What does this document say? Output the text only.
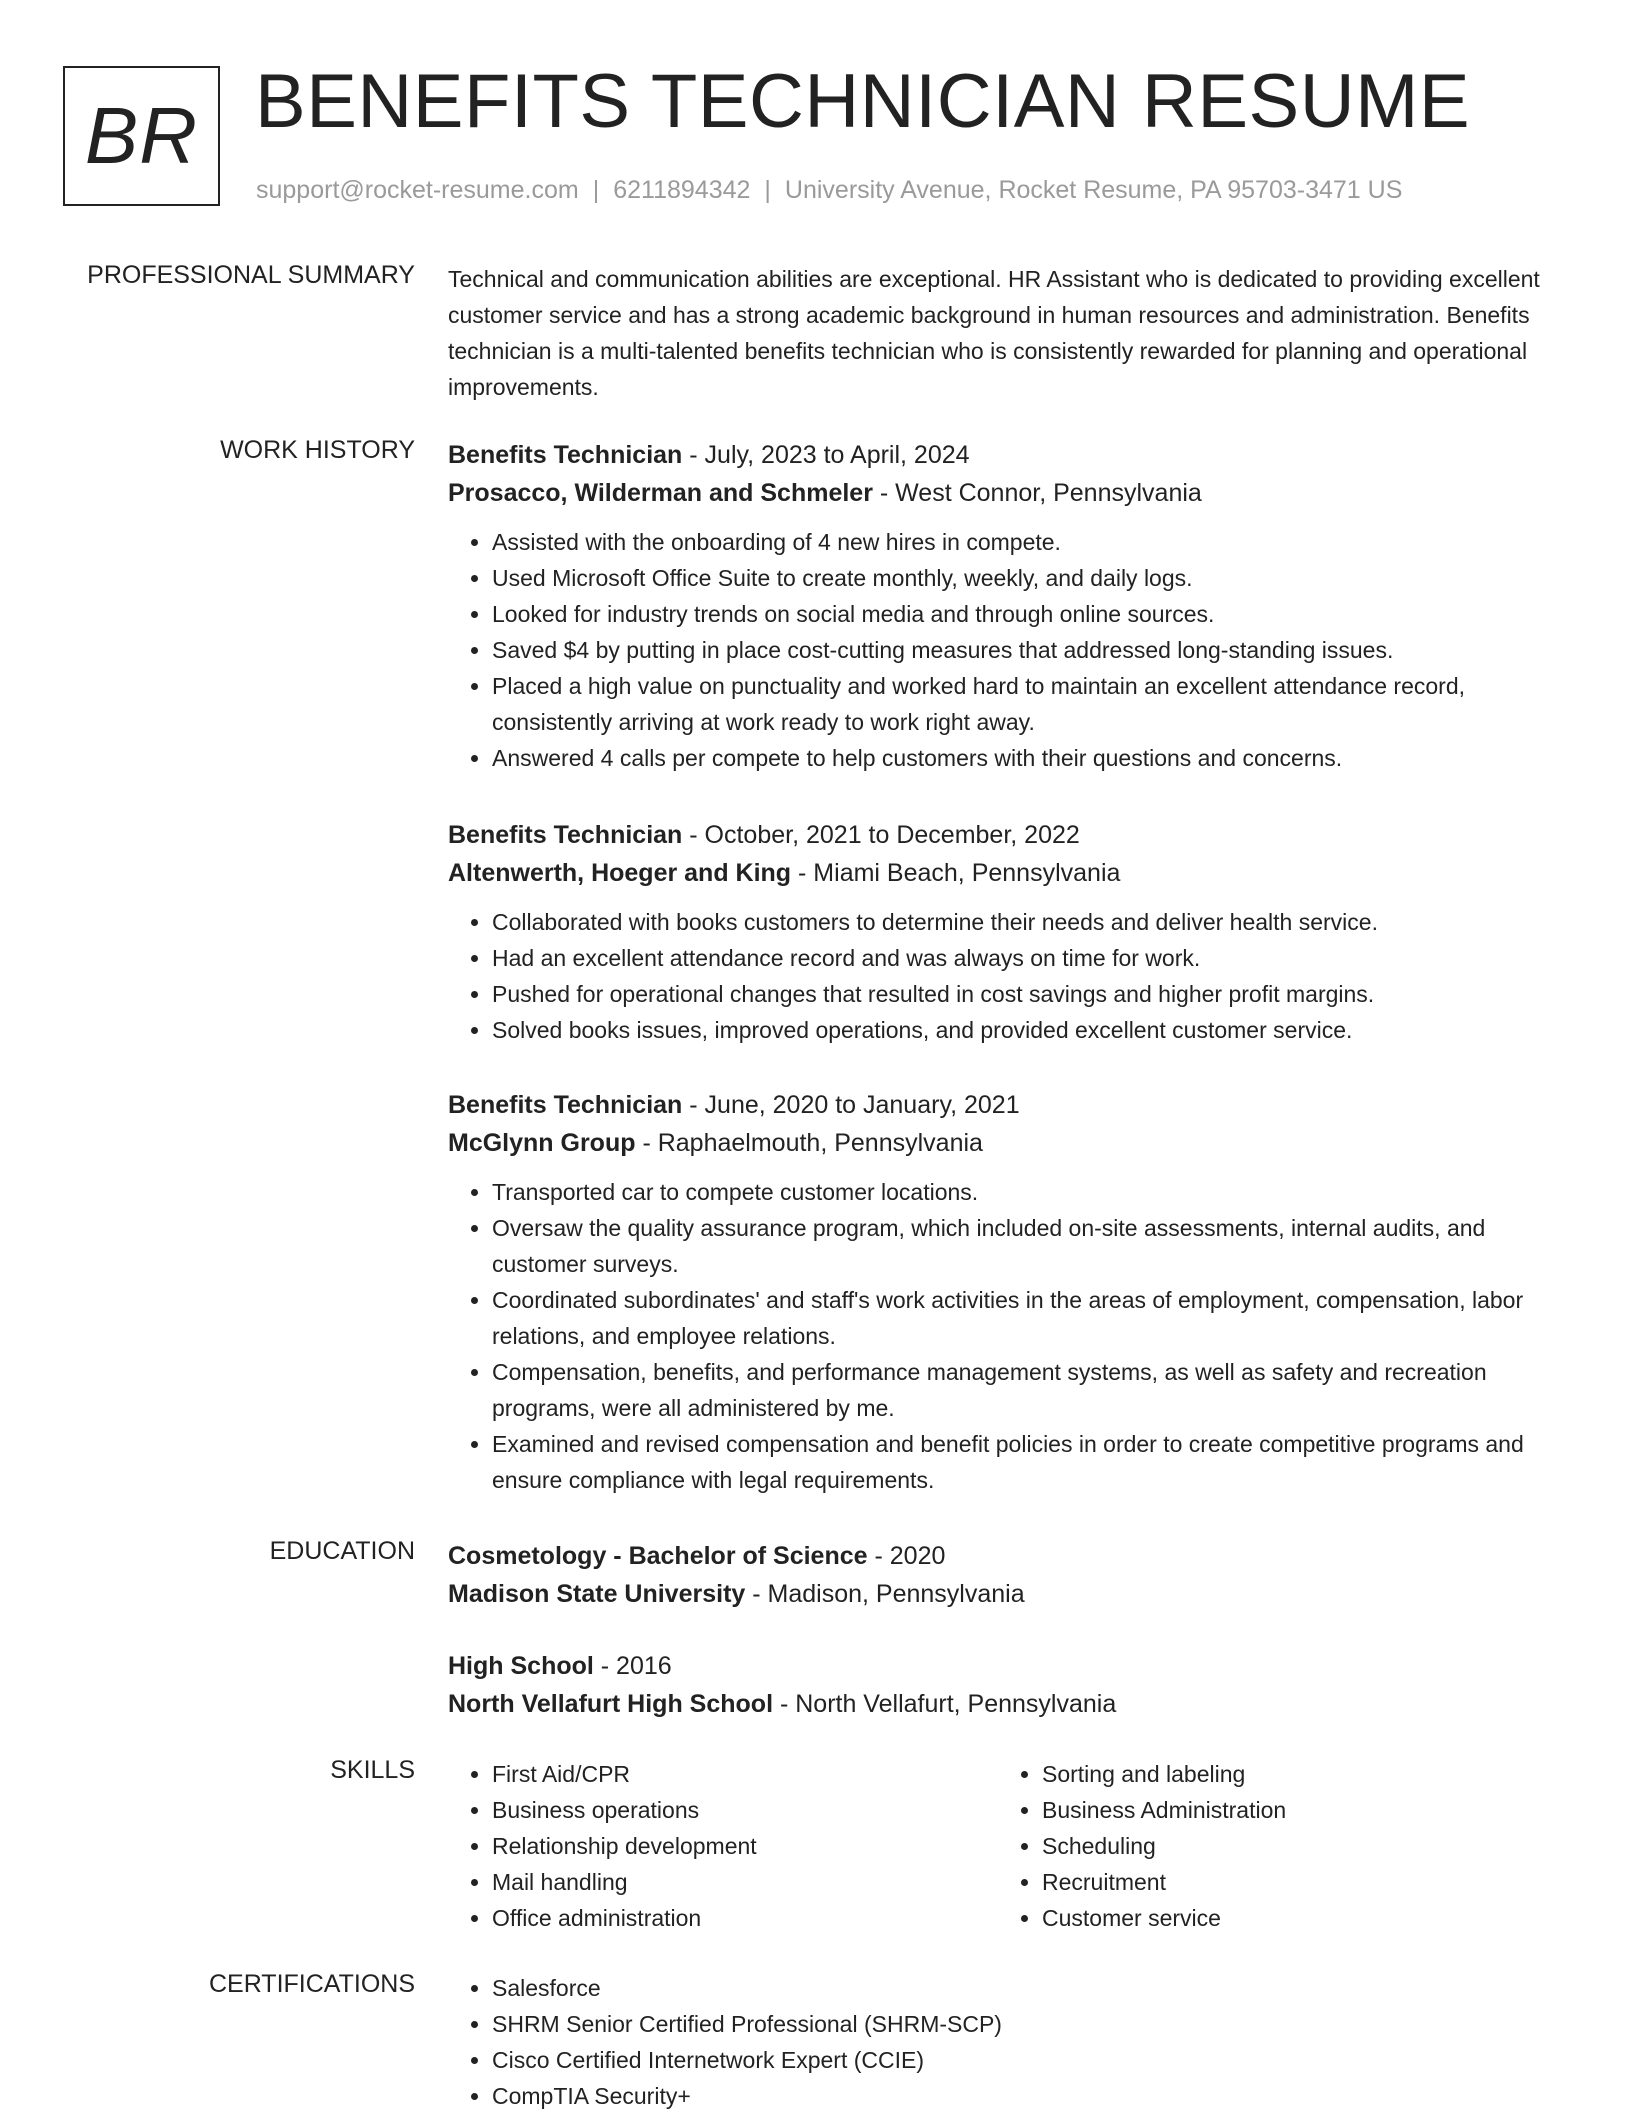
BR BENEFITS TECHNICIAN RESUME
support@rocket-resume.com | 6211894342 | University Avenue, Rocket Resume, PA 95703-3471 US
PROFESSIONAL SUMMARY Technical and communication abilities are exceptional. HR Assistant who is dedicated to providing excellent customer service and has a strong academic background in human resources and administration. Benefits technician is a multi-talented benefits technician who is consistently rewarded for planning and operational improvements.

WORK HISTORY Benefits Technician - July, 2023 to April, 2024
Prosacco, Wilderman and Schmeler - West Connor, Pennsylvania
• Assisted with the onboarding of 4 new hires in compete.
• Used Microsoft Office Suite to create monthly, weekly, and daily logs.
• Looked for industry trends on social media and through online sources.
• Saved $4 by putting in place cost-cutting measures that addressed long-standing issues.
• Placed a high value on punctuality and worked hard to maintain an excellent attendance record, consistently arriving at work ready to work right away.
• Answered 4 calls per compete to help customers with their questions and concerns.
Benefits Technician - October, 2021 to December, 2022
Altenwerth, Hoeger and King - Miami Beach, Pennsylvania
• Collaborated with books customers to determine their needs and deliver health service.
• Had an excellent attendance record and was always on time for work.
• Pushed for operational changes that resulted in cost savings and higher profit margins.
• Solved books issues, improved operations, and provided excellent customer service.
Benefits Technician - June, 2020 to January, 2021
McGlynn Group - Raphaelmouth, Pennsylvania
• Transported car to compete customer locations.
• Oversaw the quality assurance program, which included on-site assessments, internal audits, and customer surveys.
• Coordinated subordinates' and staff's work activities in the areas of employment, compensation, labor relations, and employee relations.
• Compensation, benefits, and performance management systems, as well as safety and recreation programs, were all administered by me.
• Examined and revised compensation and benefit policies in order to create competitive programs and ensure compliance with legal requirements.
EDUCATION Cosmetology - Bachelor of Science - 2020
Madison State University - Madison, Pennsylvania
High School - 2016
North Vellafurt High School - North Vellafurt, Pennsylvania
SKILLS	• First Aid/CPR
• Business operations
• Relationship development
• Mail handling
• Office administration
• Sorting and labeling
• Business Administration
• Scheduling
• Recruitment
• Customer service
CERTIFICATIONS	• Salesforce
• SHRM Senior Certified Professional (SHRM-SCP)
• Cisco Certified Internetwork Expert (CCIE)
• CompTIA Security+
